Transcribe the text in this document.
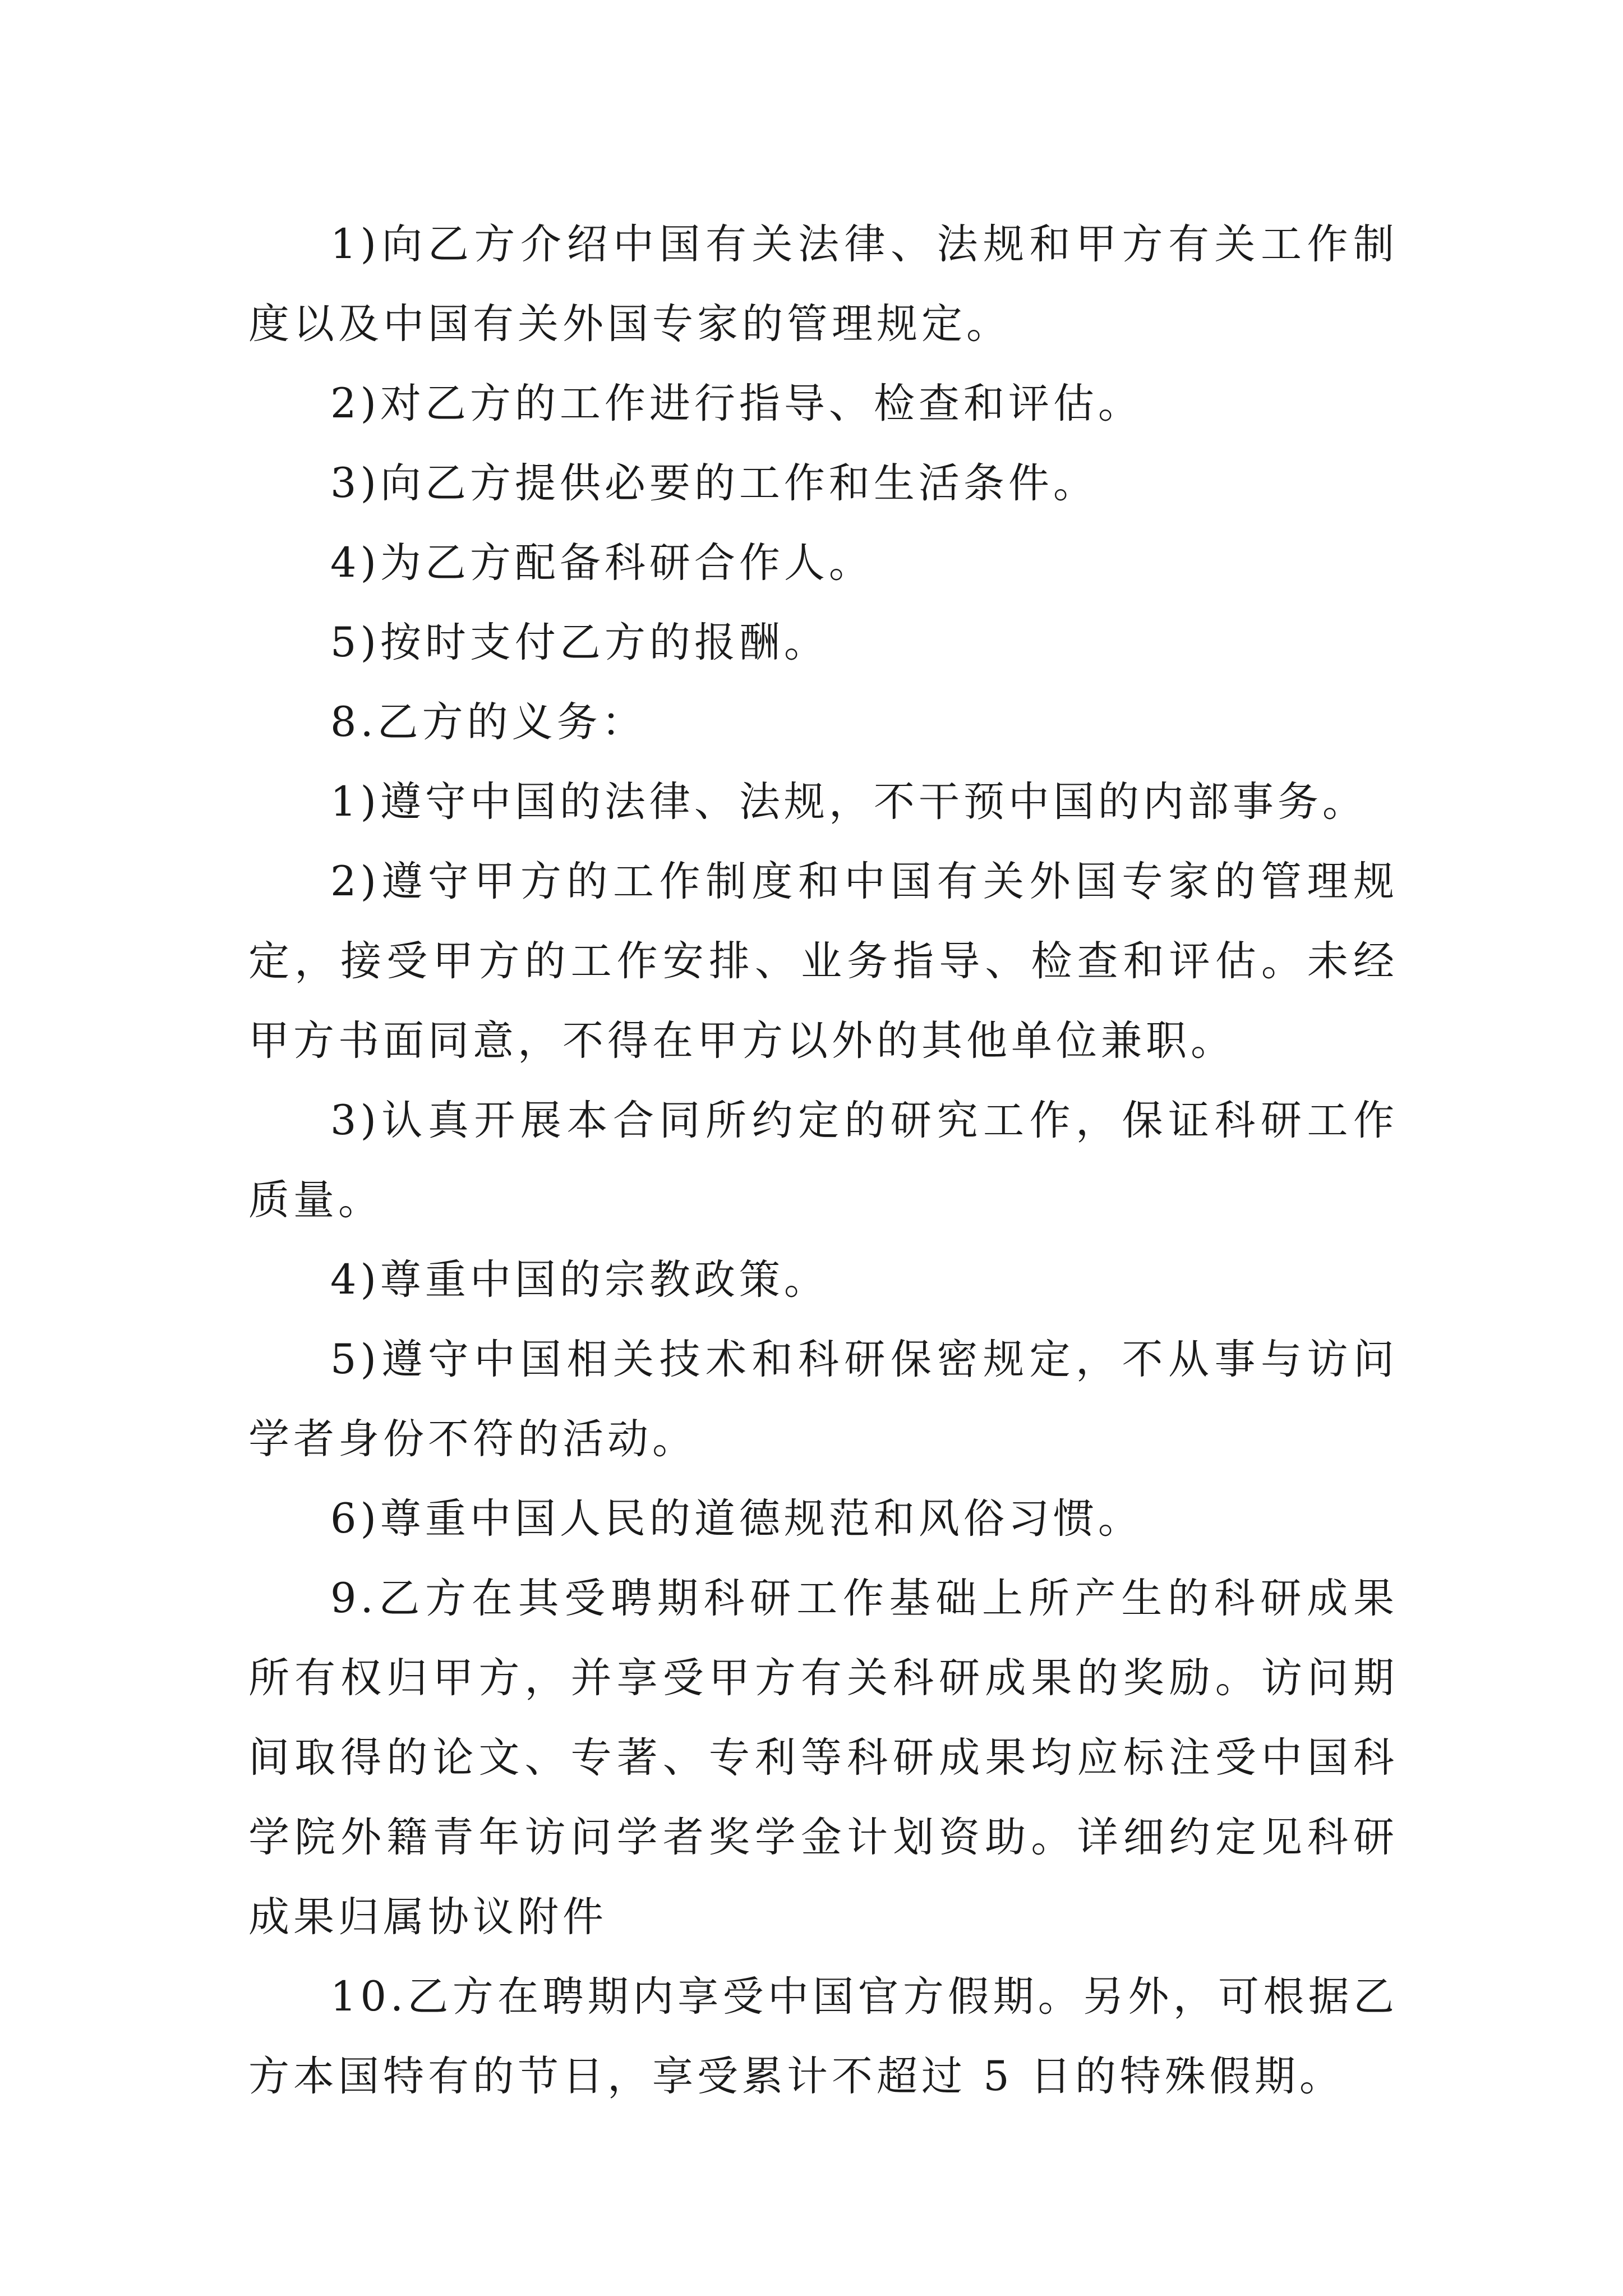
1)向乙方介绍中国有关法律、法规和甲方有关工作制度以及中国有关外国专家的管理规定。

2)对乙方的工作进行指导、检查和评估。

3)向乙方提供必要的工作和生活条件。

4)为乙方配备科研合作人。

5)按时支付乙方的报酬。

8.乙方的义务：

1)遵守中国的法律、法规，不干预中国的内部事务。

2)遵守甲方的工作制度和中国有关外国专家的管理规定，接受甲方的工作安排、业务指导、检查和评估。未经甲方书面同意，不得在甲方以外的其他单位兼职。

3)认真开展本合同所约定的研究工作，保证科研工作质量。

4)尊重中国的宗教政策。

5)遵守中国相关技术和科研保密规定，不从事与访问学者身份不符的活动。

6)尊重中国人民的道德规范和风俗习惯。

9.乙方在其受聘期科研工作基础上所产生的科研成果所有权归甲方，并享受甲方有关科研成果的奖励。访问期间取得的论文、专著、专利等科研成果均应标注受中国科学院外籍青年访问学者奖学金计划资助。详细约定见科研成果归属协议附件

10.乙方在聘期内享受中国官方假期。另外，可根据乙方本国特有的节日，享受累计不超过 5 日的特殊假期。
